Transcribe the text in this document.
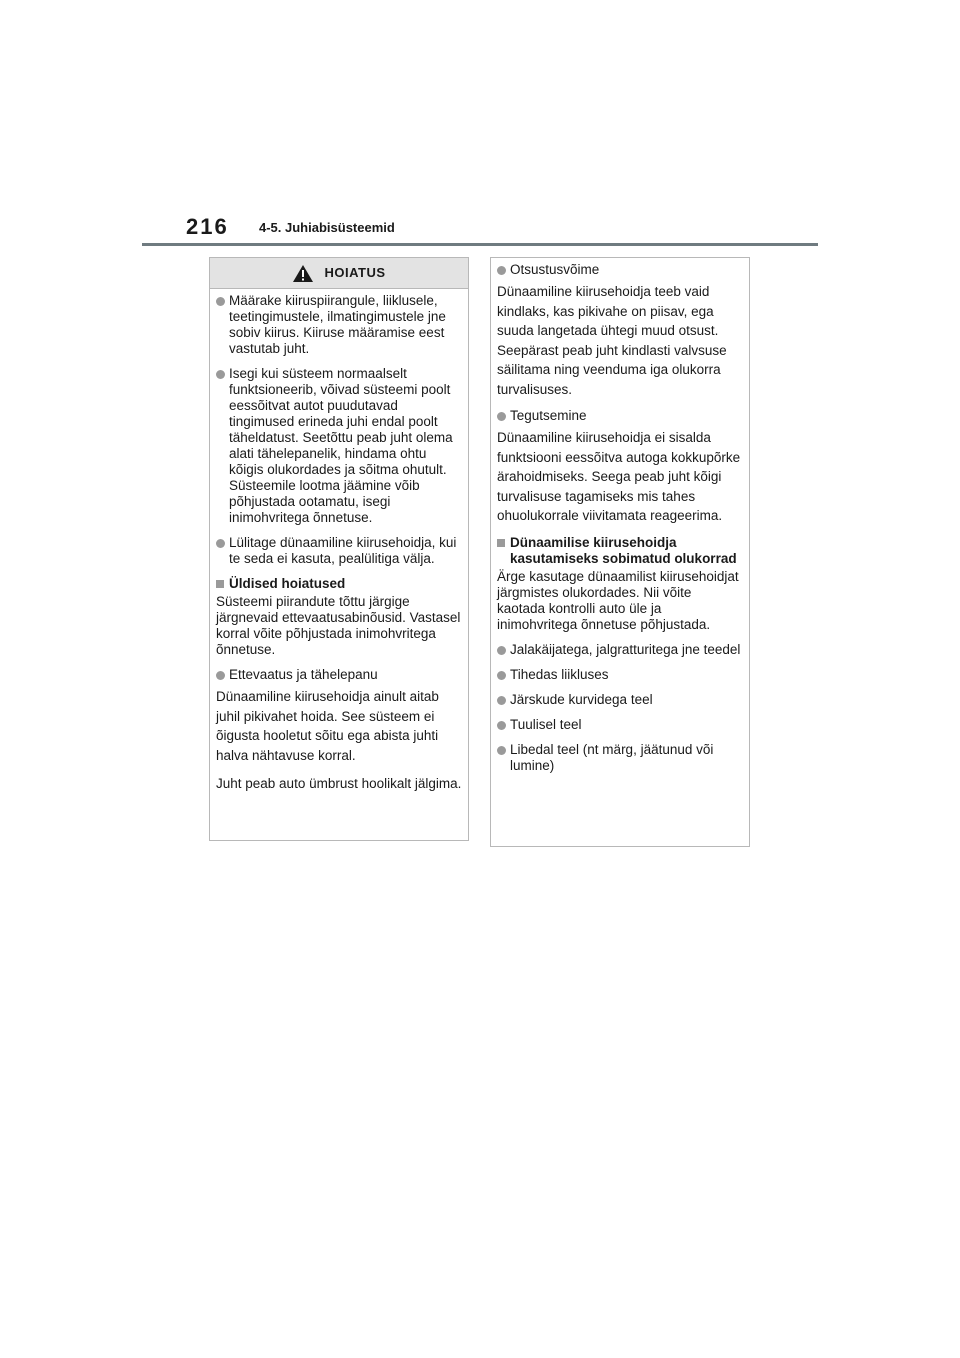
216 4-5. Juhiabisüsteemid
HOIATUS
Määrake kiiruspiirangule, liiklusele, teetingimustele, ilmatingimustele jne sobiv kiirus. Kiiruse määramise eest vastutab juht.
Isegi kui süsteem normaalselt funktsioneerib, võivad süsteemi poolt eessõitvat autot puudutavad tingimused erineda juhi endal poolt täheldatust. Seetõttu peab juht olema alati tähelepanelik, hindama ohtu kõigis olukordades ja sõitma ohutult. Süsteemile lootma jäämine võib põhjustada ootamatu, isegi inimohvritega õnnetuse.
Lülitage dünaamiline kiirusehoidja, kui te seda ei kasuta, pealülitiga välja.
Üldised hoiatused
Süsteemi piirandute tõttu järgige järgnevaid ettevaatusabinõusid. Vastasel korral võite põhjustada inimohvritega õnnetuse.
Ettevaatus ja tähelepanu
Dünaamiline kiirusehoidja ainult aitab juhil pikivahet hoida. See süsteem ei õigusta hooletut sõitu ega abista juhti halva nähtavuse korral.
Juht peab auto ümbrust hoolikalt jälgima.
Otsustusvõime
Dünaamiline kiirusehoidja teeb vaid kindlaks, kas pikivahe on piisav, ega suuda langetada ühtegi muud otsust. Seepärast peab juht kindlasti valvsuse säilitama ning veenduma iga olukorra turvalisuses.
Tegutsemine
Dünaamiline kiirusehoidja ei sisalda funktsiooni eessõitva autoga kokkupõrke ärahoidmiseks. Seega peab juht kõigi turvalisuse tagamiseks mis tahes ohuolukorrale viivitamata reageerima.
Dünaamilise kiirusehoidja kasutamiseks sobimatud olukorrad
Ärge kasutage dünaamilist kiirusehoidjat järgmistes olukordades. Nii võite kaotada kontrolli auto üle ja inimohvritega õnnetuse põhjustada.
Jalakäijatega, jalgratturitega jne teedel
Tihedas liikluses
Järskude kurvidega teel
Tuulisel teel
Libedal teel (nt märg, jäätunud või lumine)
